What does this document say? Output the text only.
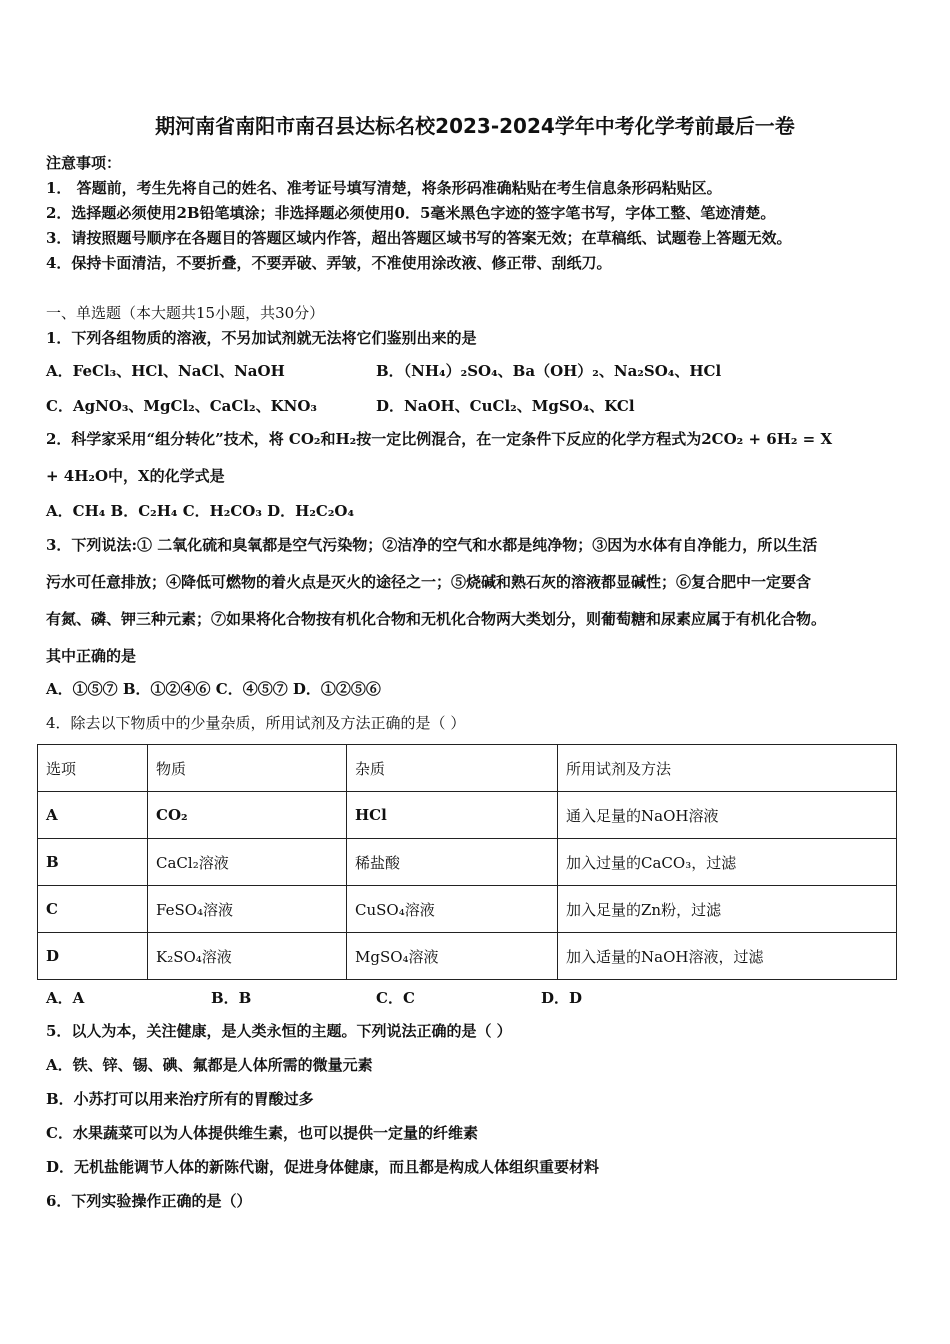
期河南省南阳市南召县达标名校2023-2024学年中考化学考前最后一卷
注意事项：
1． 答题前，考生先将自己的姓名、准考证号填写清楚，将条形码准确粘贴在考生信息条形码粘贴区。
2．选择题必须使用2B铅笔填涂；非选择题必须使用0．5毫米黑色字迹的签字笔书写，字体工整、笔迹清楚。
3．请按照题号顺序在各题目的答题区域内作答，超出答题区域书写的答案无效；在草稿纸、试题卷上答题无效。
4．保持卡面清洁，不要折叠，不要弄破、弄皱，不准使用涂改液、修正带、刮纸刀。
一、单选题（本大题共15小题，共30分）
1．下列各组物质的溶液，不另加试剂就无法将它们鉴别出来的是
A．FeCl₃、HCl、NaCl、NaOH	B．（NH₄）₂SO₄、Ba（OH）₂、Na₂SO₄、HCl
C．AgNO₃、MgCl₂、CaCl₂、KNO₃	D．NaOH、CuCl₂、MgSO₄、KCl
2．科学家采用“组分转化”技术，将 CO₂和H₂按一定比例混合，在一定条件下反应的化学方程式为2CO₂ + 6H₂ = X
+ 4H₂O中，X的化学式是
A．CH₄ B．C₂H₄ C．H₂CO₃ D．H₂C₂O₄
3．下列说法:① 二氧化硫和臭氧都是空气污染物；②洁净的空气和水都是纯净物；③因为水体有自净能力，所以生活
污水可任意排放；④降低可燃物的着火点是灭火的途径之一；⑤烧碱和熟石灰的溶液都显碱性；⑥复合肥中一定要含
有氮、磷、钾三种元素；⑦如果将化合物按有机化合物和无机化合物两大类划分，则葡萄糖和尿素应属于有机化合物。
其中正确的是
A．①⑤⑦ B．①②④⑥ C．④⑤⑦ D．①②⑤⑥
4．除去以下物质中的少量杂质，所用试剂及方法正确的是（ ）
选项	物质	杂质	所用试剂及方法
A	CO₂	HCl	通入足量的NaOH溶液
B	CaCl₂溶液	稀盐酸	加入过量的CaCO₃，过滤
C	FeSO₄溶液	CuSO₄溶液	加入足量的Zn粉，过滤
D	K₂SO₄溶液	MgSO₄溶液	加入适量的NaOH溶液，过滤
A．A	B．B	C．C	D．D
5．以人为本，关注健康，是人类永恒的主题。下列说法正确的是（ ）
A．铁、锌、锡、碘、氟都是人体所需的微量元素
B．小苏打可以用来治疗所有的胃酸过多
C．水果蔬菜可以为人体提供维生素，也可以提供一定量的纤维素
D．无机盐能调节人体的新陈代谢，促进身体健康，而且都是构成人体组织重要材料
6．下列实验操作正确的是（）
